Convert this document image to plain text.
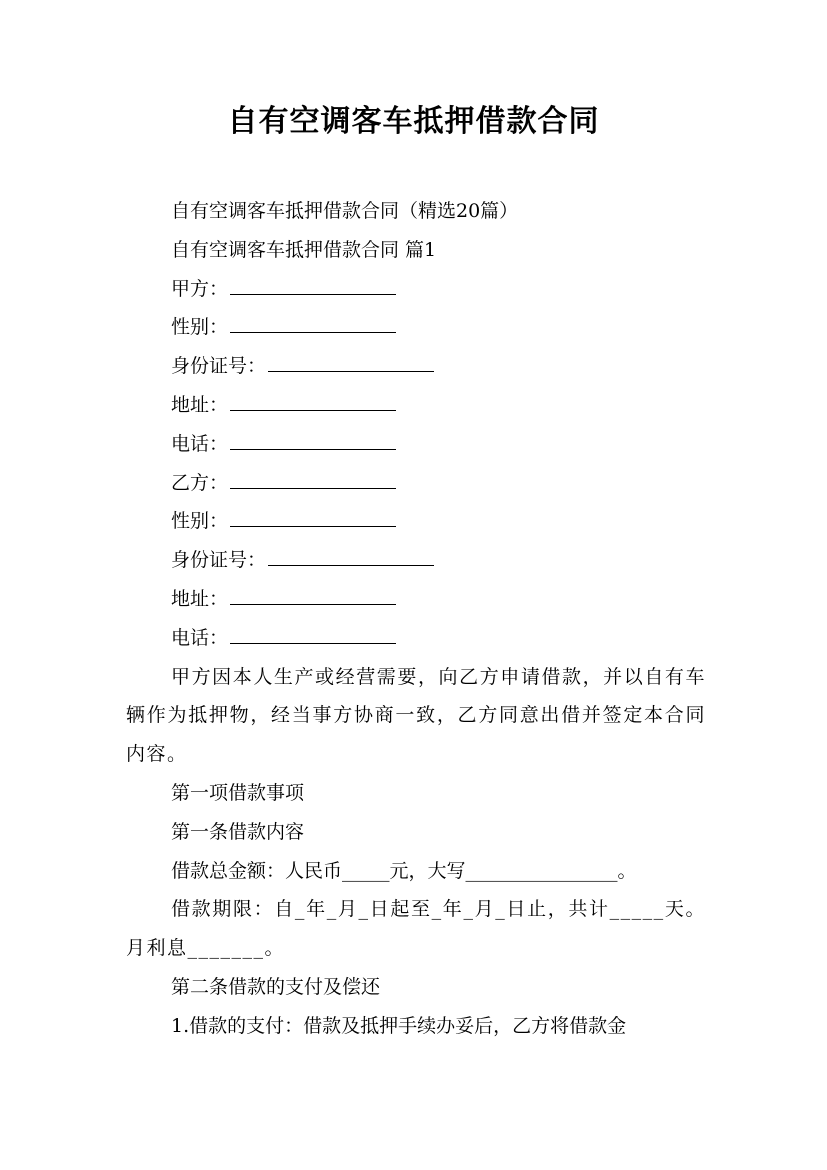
自有空调客车抵押借款合同

自有空调客车抵押借款合同（精选20篇）

自有空调客车抵押借款合同 篇1

甲方：

性别：

身份证号：

地址：

电话：

乙方：

性别：

身份证号：

地址：

电话：

甲方因本人生产或经营需要，向乙方申请借款，并以自有车辆作为抵押物，经当事方协商一致，乙方同意出借并签定本合同内容。

第一项借款事项

第一条借款内容

借款总金额：人民币_____元，大写________________。

借款期限：自_年_月_日起至_年_月_日止，共计_____天。月利息_______。

第二条借款的支付及偿还

1.借款的支付：借款及抵押手续办妥后，乙方将借款金
